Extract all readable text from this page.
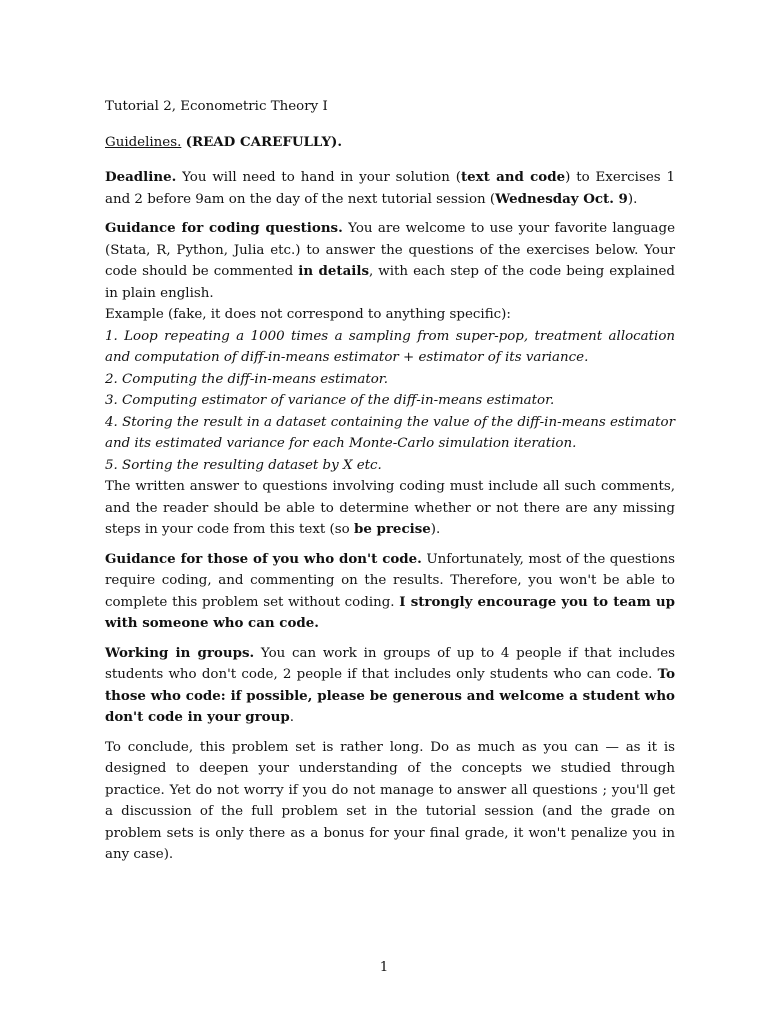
Tutorial 2, Econometric Theory I

Guidelines. (READ CAREFULLY).

Deadline. You will need to hand in your solution (text and code) to Exercises 1 and 2 before 9am on the day of the next tutorial session (Wednesday Oct. 9).

Guidance for coding questions. You are welcome to use your favorite language (Stata, R, Python, Julia etc.) to answer the questions of the exercises below. Your code should be commented in details, with each step of the code being explained in plain english.

Example (fake, it does not correspond to anything specific):

1. Loop repeating a 1000 times a sampling from super-pop, treatment allocation and computation of diff-in-means estimator + estimator of its variance.
2. Computing the diff-in-means estimator.
3. Computing estimator of variance of the diff-in-means estimator.
4. Storing the result in a dataset containing the value of the diff-in-means estimator and its estimated variance for each Monte-Carlo simulation iteration.
5. Sorting the resulting dataset by X etc.

The written answer to questions involving coding must include all such comments, and the reader should be able to determine whether or not there are any missing steps in your code from this text (so be precise).

Guidance for those of you who don't code. Unfortunately, most of the questions require coding, and commenting on the results. Therefore, you won't be able to complete this problem set without coding. I strongly encourage you to team up with someone who can code.

Working in groups. You can work in groups of up to 4 people if that includes students who don't code, 2 people if that includes only students who can code. To those who code: if possible, please be generous and welcome a student who don't code in your group.

To conclude, this problem set is rather long. Do as much as you can — as it is designed to deepen your understanding of the concepts we studied through practice. Yet do not worry if you do not manage to answer all questions ; you'll get a discussion of the full problem set in the tutorial session (and the grade on problem sets is only there as a bonus for your final grade, it won't penalize you in any case).

1
